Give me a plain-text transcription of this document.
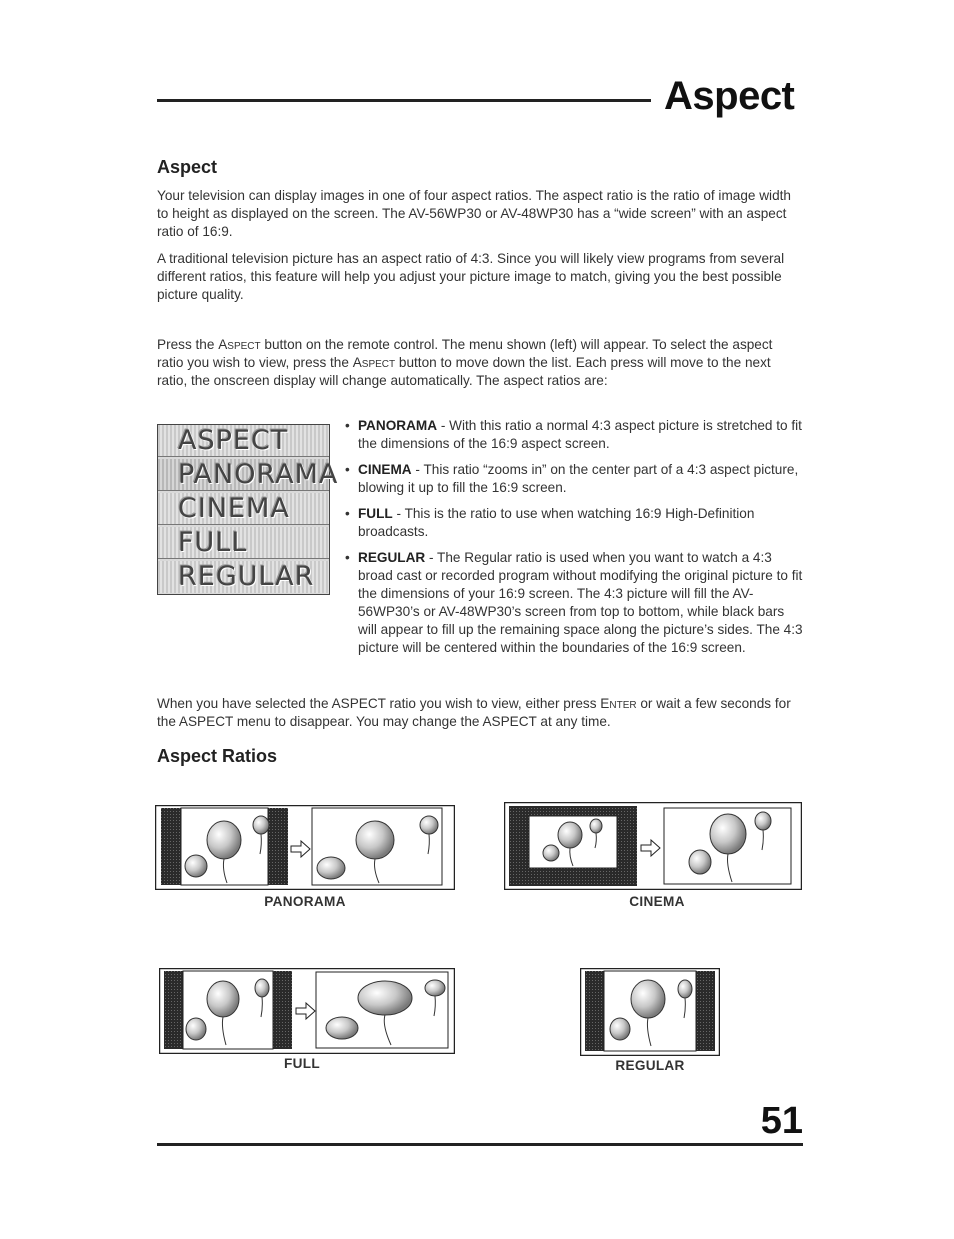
Aspect
Aspect

Your television can display images in one of four aspect ratios. The aspect ratio is the ratio of image width to height as displayed on the screen. The AV-56WP30 or AV-48WP30 has a “wide screen” with an aspect ratio of 16:9.

A traditional television picture has an aspect ratio of 4:3. Since you will likely view programs from several different ratios, this feature will help you adjust your picture image to match, giving you the best possible picture quality.

Press the Aspect button on the remote control. The menu shown (left) will appear. To select the aspect ratio you wish to view, press the Aspect button to move down the list. Each press will move to the next ratio, the onscreen display will change automatically. The aspect ratios are:

ASPECT
PANORAMA
CINEMA
FULL
REGULAR
• PANORAMA - With this ratio a normal 4:3 aspect picture is stretched to fit the dimensions of the 16:9 aspect screen.
• CINEMA - This ratio “zooms in” on the center part of a 4:3 aspect picture, blowing it up to fill the 16:9 screen.
• FULL - This is the ratio to use when watching 16:9 High-Definition broadcasts.
• REGULAR - The Regular ratio is used when you want to watch a 4:3 broad cast or recorded program without modifying the original picture to fit the dimensions of your 16:9 screen. The 4:3 picture will fill the AV-56WP30’s or AV-48WP30’s screen from top to bottom, while black bars will appear to fill up the remaining space along the picture’s sides. The 4:3 picture will be centered within the boundaries of the 16:9 screen.

When you have selected the ASPECT ratio you wish to view, either press Enter or wait a few seconds for the ASPECT menu to disappear. You may change the ASPECT at any time.

Aspect Ratios
PANORAMA	CINEMA
FULL	REGULAR
51
